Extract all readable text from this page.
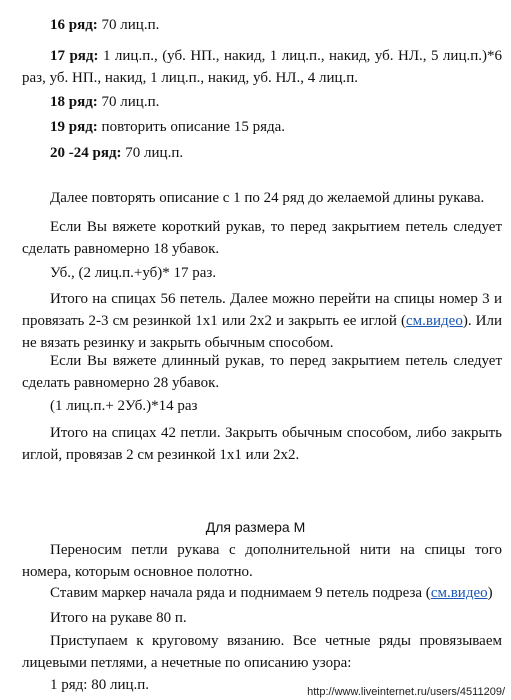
16 ряд: 70 лиц.п.

17 ряд: 1 лиц.п., (уб. НП., накид, 1 лиц.п., накид, уб. НЛ., 5 лиц.п.)*6 раз, уб. НП., накид, 1 лиц.п., накид, уб. НЛ., 4 лиц.п.

18 ряд: 70 лиц.п.

19 ряд: повторить описание 15 ряда.

20 -24 ряд: 70 лиц.п.

Далее повторять описание с 1 по 24 ряд до желаемой длины рукава.

Если Вы вяжете короткий рукав, то перед закрытием петель следует сделать равномерно 18 убавок.

Уб., (2 лиц.п.+уб)* 17 раз.

Итого на спицах 56 петель. Далее можно перейти на спицы номер 3 и провязать 2-3 см резинкой 1х1 или 2х2 и закрыть ее иглой (см.видео). Или не вязать резинку и закрыть обычным способом.

Если Вы вяжете длинный рукав, то перед закрытием петель следует сделать равномерно 28 убавок.

(1 лиц.п.+ 2Уб.)*14 раз

Итого на спицах 42 петли. Закрыть обычным способом, либо закрыть иглой, провязав 2 см резинкой 1х1 или 2х2.

Для размера М

Переносим петли рукава с дополнительной нити на спицы того номера, которым основное полотно.

Ставим маркер начала ряда и поднимаем 9 петель подреза (см.видео)

Итого на рукаве 80 п.

Приступаем к круговому вязанию. Все четные ряды провязываем лицевыми петлями, а нечетные по описанию узора:

1 ряд: 80 лиц.п.	http://www.liveinternet.ru/users/4511209/
